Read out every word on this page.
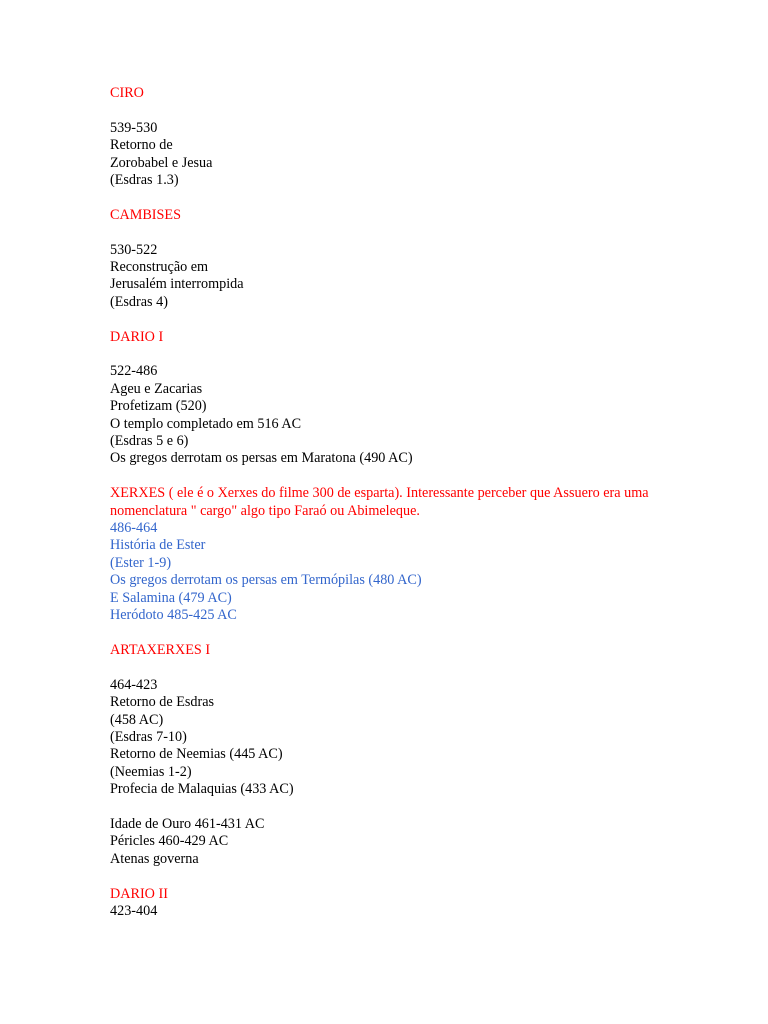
CIRO
539-530
Retorno de
Zorobabel e Jesua
(Esdras 1.3)
CAMBISES
530-522
Reconstrução em
Jerusalém interrompida
(Esdras 4)
DARIO I
522-486
Ageu e Zacarias
Profetizam (520)
O templo completado em 516 AC
(Esdras 5 e 6)
Os gregos derrotam os persas em Maratona (490 AC)
XERXES ( ele é o Xerxes do filme 300 de esparta). Interessante perceber que Assuero era uma nomenclatura " cargo" algo tipo Faraó ou Abimeleque.
486-464
História de Ester
(Ester 1-9)
Os gregos derrotam os persas em Termópilas (480 AC)
E Salamina (479 AC)
Heródoto 485-425 AC
ARTAXERXES I
464-423
Retorno de Esdras
(458 AC)
(Esdras 7-10)
Retorno de Neemias (445 AC)
(Neemias 1-2)
Profecia de Malaquias (433 AC)
Idade de Ouro 461-431 AC
Péricles 460-429 AC
Atenas governa
DARIO II
423-404
